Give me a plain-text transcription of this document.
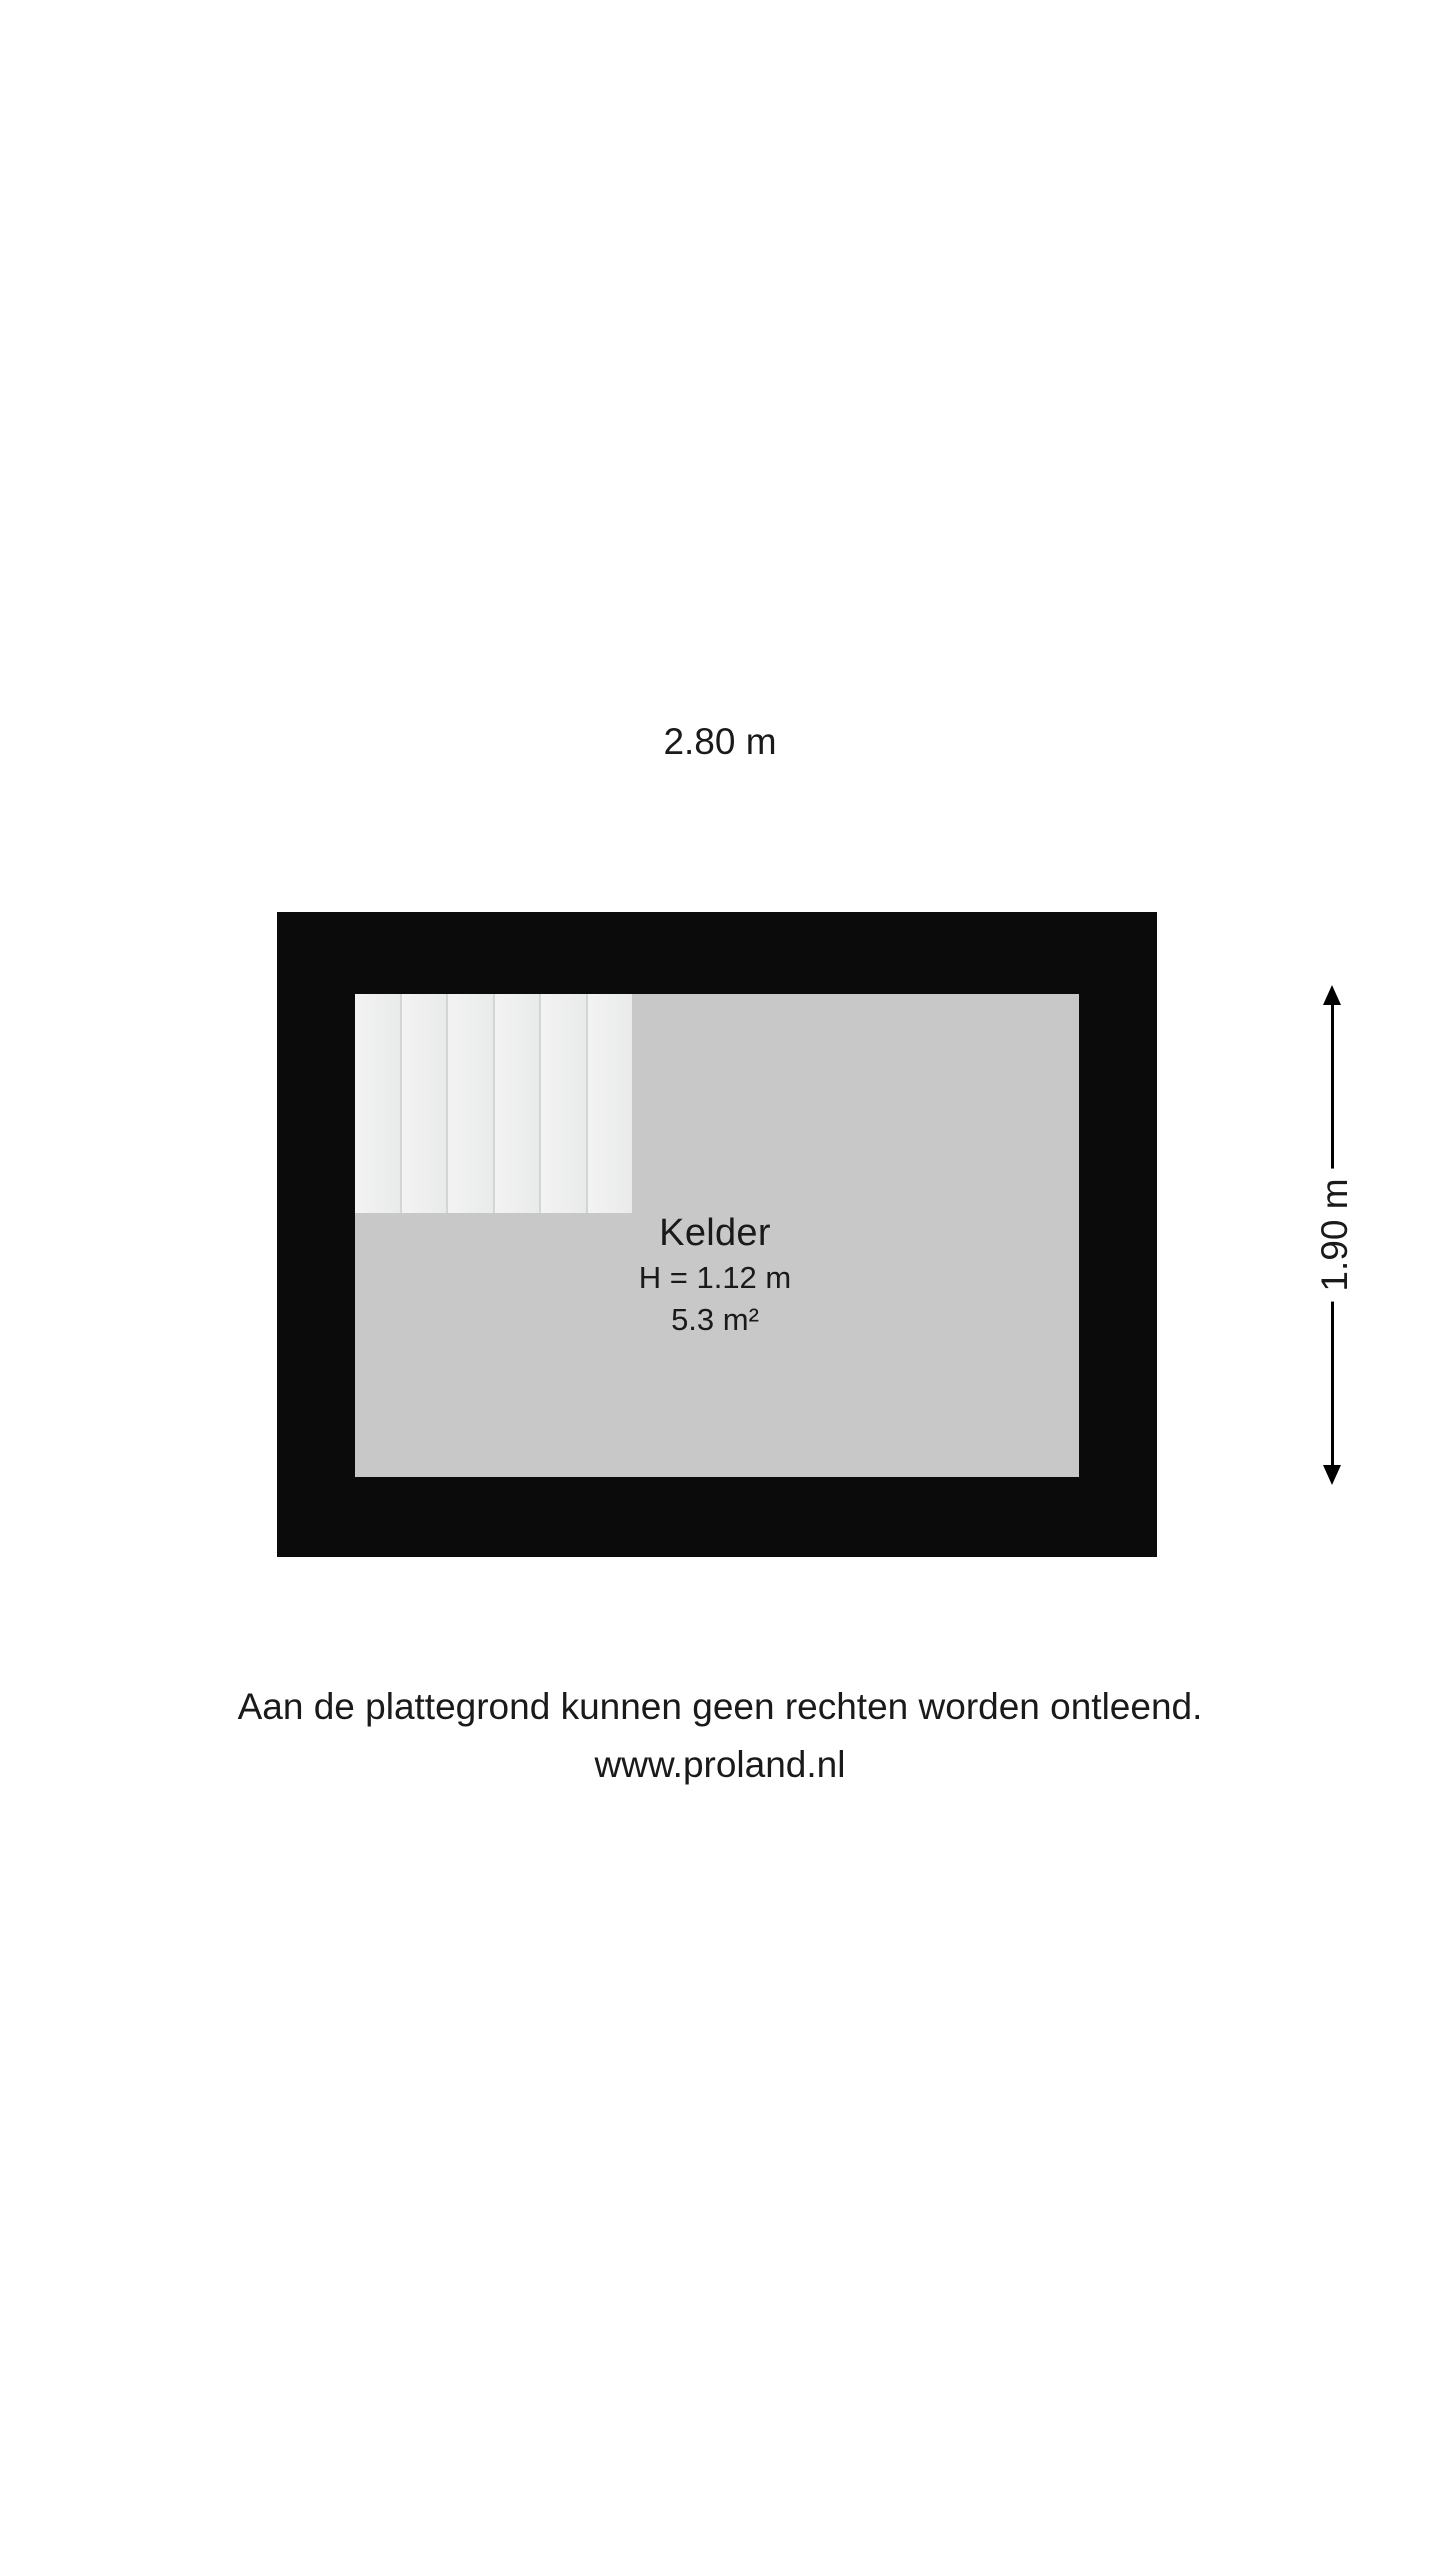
2.80 m
1.90 m
Kelder
H = 1.12 m
5.3 m²
Aan de plattegrond kunnen geen rechten worden ontleend.
www.proland.nl
